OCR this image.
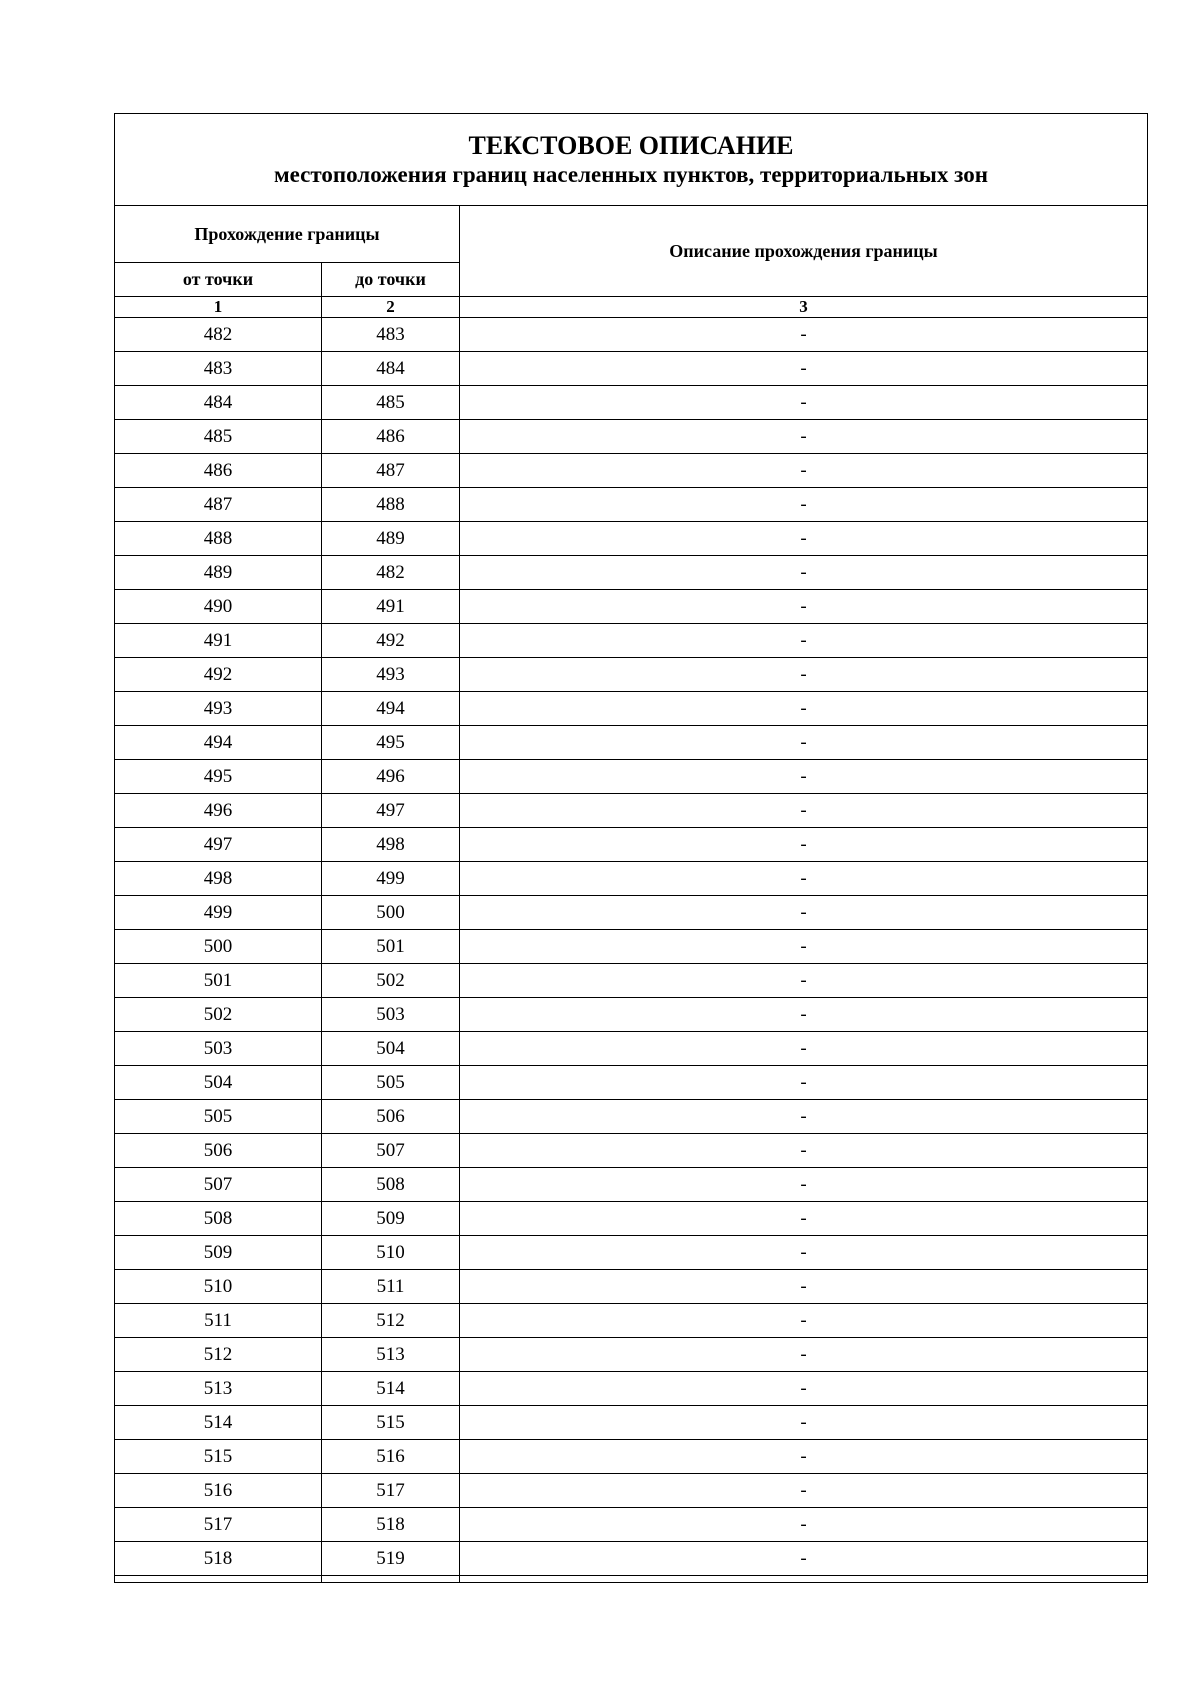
ТЕКСТОВОЕ ОПИСАНИЕ
местоположения границ населенных пунктов, территориальных зон		

Прохождение границы		Описание прохождения границы
от точки	до точки	
1	2	3
482	483	-
483	484	-
484	485	-
485	486	-
486	487	-
487	488	-
488	489	-
489	482	-
490	491	-
491	492	-
492	493	-
493	494	-
494	495	-
495	496	-
496	497	-
497	498	-
498	499	-
499	500	-
500	501	-
501	502	-
502	503	-
503	504	-
504	505	-
505	506	-
506	507	-
507	508	-
508	509	-
509	510	-
510	511	-
511	512	-
512	513	-
513	514	-
514	515	-
515	516	-
516	517	-
517	518	-
518	519	-
